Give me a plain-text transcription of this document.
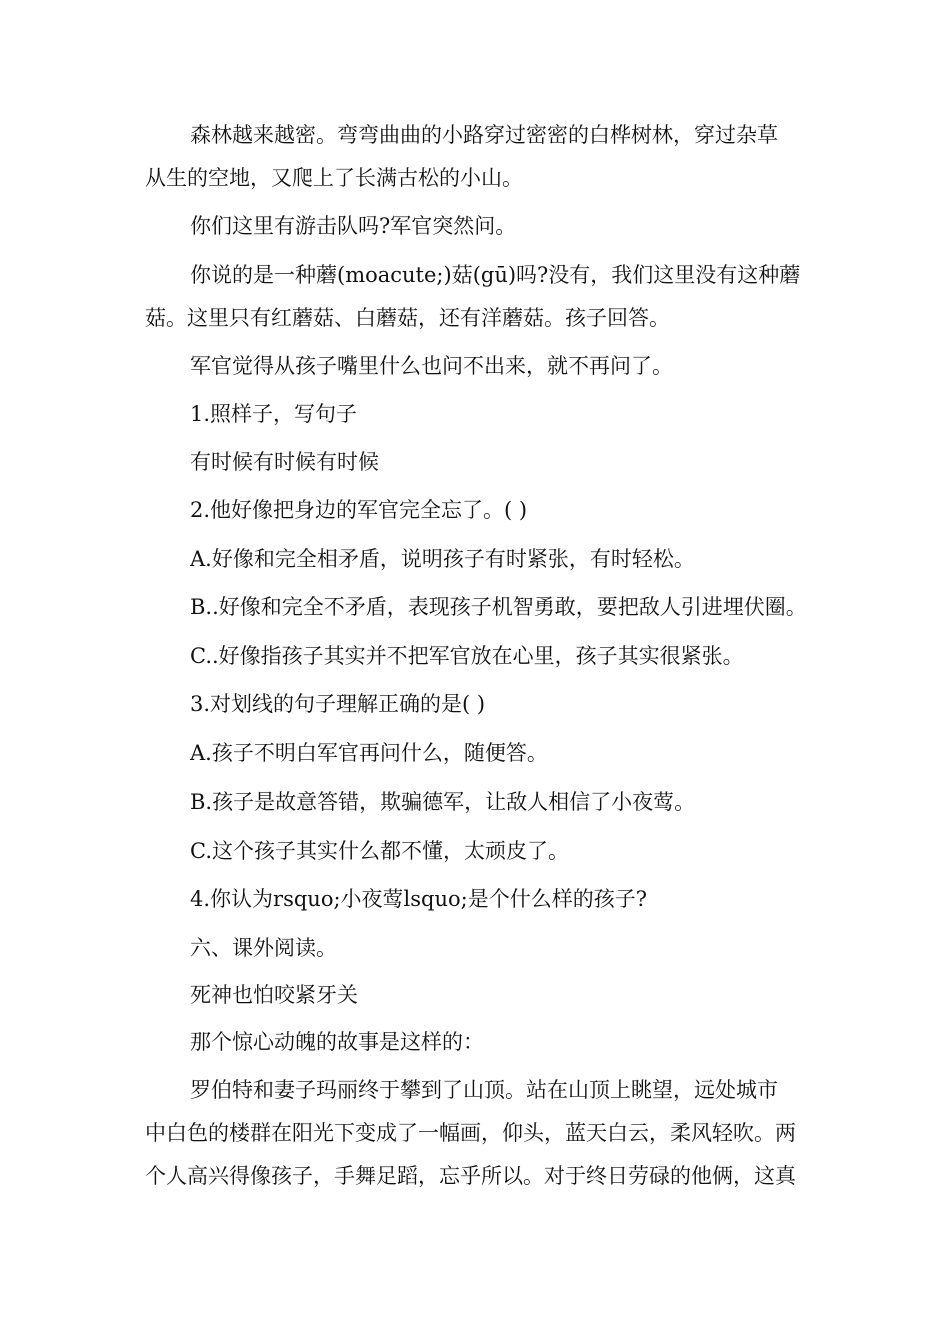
森林越来越密。弯弯曲曲的小路穿过密密的白桦树林，穿过杂草
从生的空地，又爬上了长满古松的小山。

你们这里有游击队吗?军官突然问。

你说的是一种蘑(moacute;)菇(gū)吗?没有，我们这里没有这种蘑
菇。这里只有红蘑菇、白蘑菇，还有洋蘑菇。孩子回答。

军官觉得从孩子嘴里什么也问不出来，就不再问了。

1.照样子，写句子

有时候有时候有时候

2.他好像把身边的军官完全忘了。( )

A.好像和完全相矛盾，说明孩子有时紧张，有时轻松。

B..好像和完全不矛盾，表现孩子机智勇敢，要把敌人引进埋伏圈。

C..好像指孩子其实并不把军官放在心里，孩子其实很紧张。

3.对划线的句子理解正确的是( )

A.孩子不明白军官再问什么，随便答。

B.孩子是故意答错，欺骗德军，让敌人相信了小夜莺。

C.这个孩子其实什么都不懂，太顽皮了。

4.你认为rsquo;小夜莺lsquo;是个什么样的孩子?

六、课外阅读。

死神也怕咬紧牙关

那个惊心动魄的故事是这样的：

罗伯特和妻子玛丽终于攀到了山顶。站在山顶上眺望，远处城市
中白色的楼群在阳光下变成了一幅画，仰头，蓝天白云，柔风轻吹。两
个人高兴得像孩子，手舞足蹈，忘乎所以。对于终日劳碌的他俩，这真
